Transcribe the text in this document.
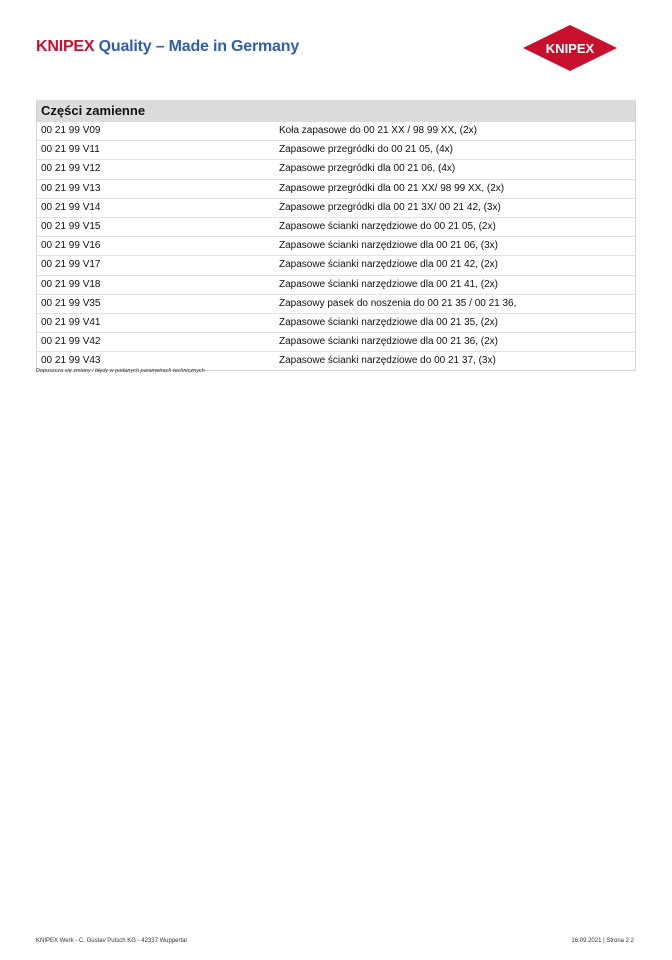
KNIPEX Quality – Made in Germany	KNIPEX
Części zamienne
00 21 99 V09	Koła zapasowe do 00 21 XX / 98 99 XX, (2x)
00 21 99 V11	Zapasowe przegródki do 00 21 05, (4x)
00 21 99 V12	Zapasowe przegródki dla 00 21 06, (4x)
00 21 99 V13	Zapasowe przegródki dla 00 21 XX/ 98 99 XX, (2x)
00 21 99 V14	Zapasowe przegródki dla 00 21 3X/ 00 21 42, (3x)
00 21 99 V15	Zapasowe ścianki narzędziowe do 00 21 05, (2x)
00 21 99 V16	Zapasowe ścianki narzędziowe dla 00 21 06, (3x)
00 21 99 V17	Zapasowe ścianki narzędziowe dla 00 21 42, (2x)
00 21 99 V18	Zapasowe ścianki narzędziowe dla 00 21 41, (2x)
00 21 99 V35	Zapasowy pasek do noszenia do 00 21 35 / 00 21 36,
00 21 99 V41	Zapasowe ścianki narzędziowe dla 00 21 35, (2x)
00 21 99 V42	Zapasowe ścianki narzędziowe dla 00 21 36, (2x)
00 21 99 V43	Zapasowe ścianki narzędziowe do 00 21 37, (3x)
Dopuszcza się zmiany i błędy w podanych parametrach technicznych
KNIPEX Werk - C. Gustav Putsch KG - 42337 Wuppertal	16.09.2021 | Strona 2 2
